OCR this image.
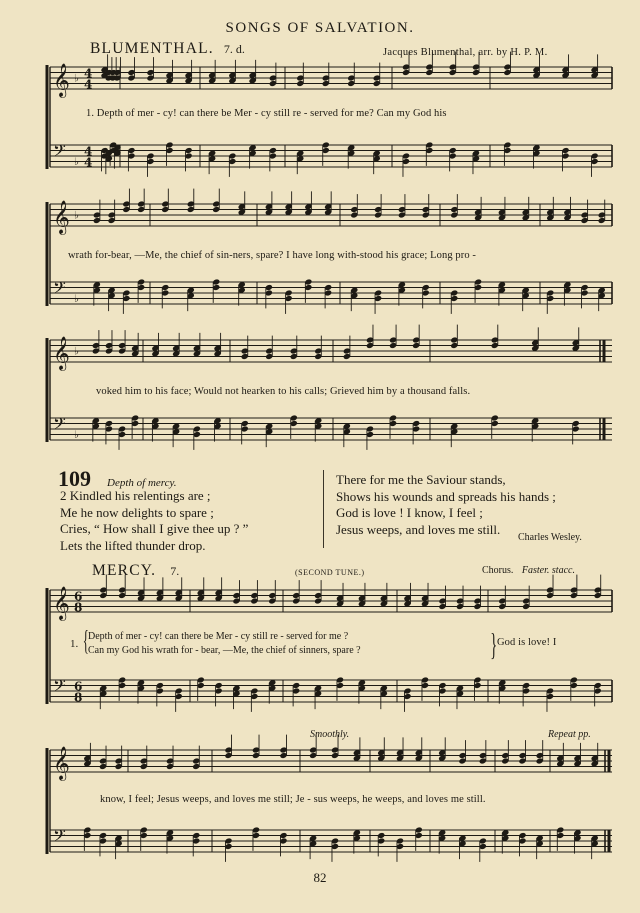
SONGS OF SALVATION.
BLUMENTHAL. 7. d.	Jacques Blumenthal, arr. by H. P. M.
𝄞
𝄢
♭
♭
4
4
4
4
𝄞
𝄢
♭
♭
𝄞
𝄢
♭
♭
1. Depth of mer - cy! can there be Mer - cy still re - served for me? Can my God his
wrath for-bear, —Me, the chief of sin-ners, spare? I have long with-stood his grace; Long pro -
voked him to his face; Would not hearken to his calls; Grieved him by a thousand falls.
109 Depth of mercy.
2 Kindled his relentings are ;
Me he now delights to spare ;
Cries, “ How shall I give thee up ? ”
Lets the lifted thunder drop.
There for me the Saviour stands,
Shows his wounds and spreads his hands ;
God is love ! I know, I feel ;
Jesus weeps, and loves me still.
Charles Wesley.
MERCY. 7.	(SECOND TUNE.)	Chorus. Faster. stacc.
1. { Depth of mer - cy! can there be Mer - cy still re - served for me ?
Can my God his wrath for - bear, —Me, the chief of sinners, spare ?	} God is love! I
𝄞
𝄢
6
8
6
8
𝄞
𝄢
Smoothly.	Repeat pp.
know, I feel; Jesus weeps, and loves me still; Je - sus weeps, he weeps, and loves me still.
82
